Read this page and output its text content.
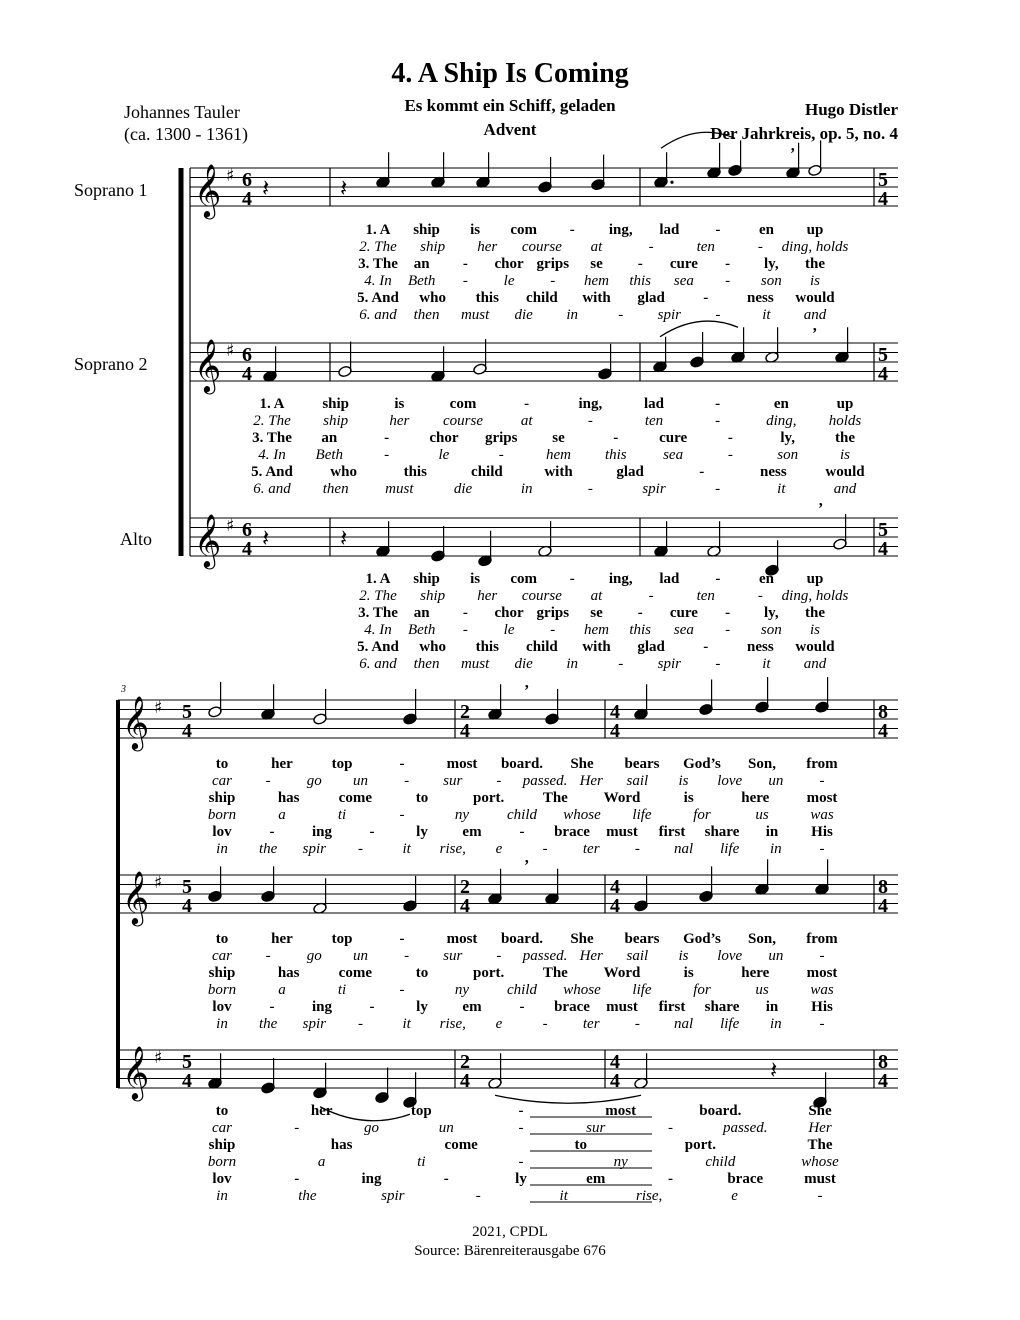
4. A Ship Is Coming
Es kommt ein Schiff, geladen
Advent
Johannes Tauler
(ca. 1300 - 1361)
Hugo Distler
Der Jahrkreis, op. 5, no. 4
Soprano 1
Soprano 2
Alto
3
𝄞 ♯ 6
4
5
4
𝄞 ♯ 6
4
5
4
𝄞 ♯ 6
4
5
4
𝄞 ♯ 5
4
8
4
𝄞 ♯ 5
4
8
4
𝄞 ♯ 5
4
8
4
2
4
2
4
2
4
4
4
4
4
4
4
𝄽	𝄽
’
’
𝄽	𝄽
’
’
’
𝄽
1. A ship is com - ing, lad -	en up
2. The ship her course at	-	ten	- ding, holds
3. The an - chor grips se - cure - ly, the
4. In Beth - le - hem this sea - son is
5. And who this child with glad	-	ness would
6. and then must die in	- spir -	it and
1. A	ship	is	com	-	ing,	lad	-	en	up
2. The ship	her course	at	-	ten	-	ding, holds
3. The an	-	chor grips se	-	cure	-	ly,	the
4. In Beth	-	le	-	hem this sea	-	son	is
5. And who	this	child	with	glad	-	ness	would
6. and then must	die	in	-	spir	-	it	and
1. A ship is com - ing, lad -	en up
2. The ship her course at	-	ten	- ding, holds
3. The an - chor grips se - cure - ly, the
4. In Beth - le - hem this sea - son is
5. And who this child with glad	-	ness would
6. and then must die in	- spir -	it and
to	her	top	-	most board. She bears God’s Son, from
car - go un - sur - passed. Her sail is love un -
ship	has	come	to	port.	The Word	is	here most
born	a	ti	-	ny	child whose life	for	us	was
lov	- ing -	ly em	- brace must first share in His
in the spir -	it rise, e	- ter - nal life in	-
to	her	top	-	most board. She bears God’s Son, from
car - go un - sur - passed. Her sail is love un -
ship	has	come	to	port.	The Word	is	here most
born	a	ti	-	ny	child whose life	for	us	was
lov	- ing -	ly em	- brace must first share in His
in the spir -	it rise, e	- ter - nal life in	-
to	her	top	-	most	board.	She
car	-	go	un	-	sur	-	passed.	Her
ship	has	come	to	port.	The
born	a	ti	-	ny	child	whose
lov	-	ing	-	ly	em	-	brace	must
in	the	spir	-	it	rise,	e	-
2021, CPDL
Source: Bärenreiterausgabe 676
